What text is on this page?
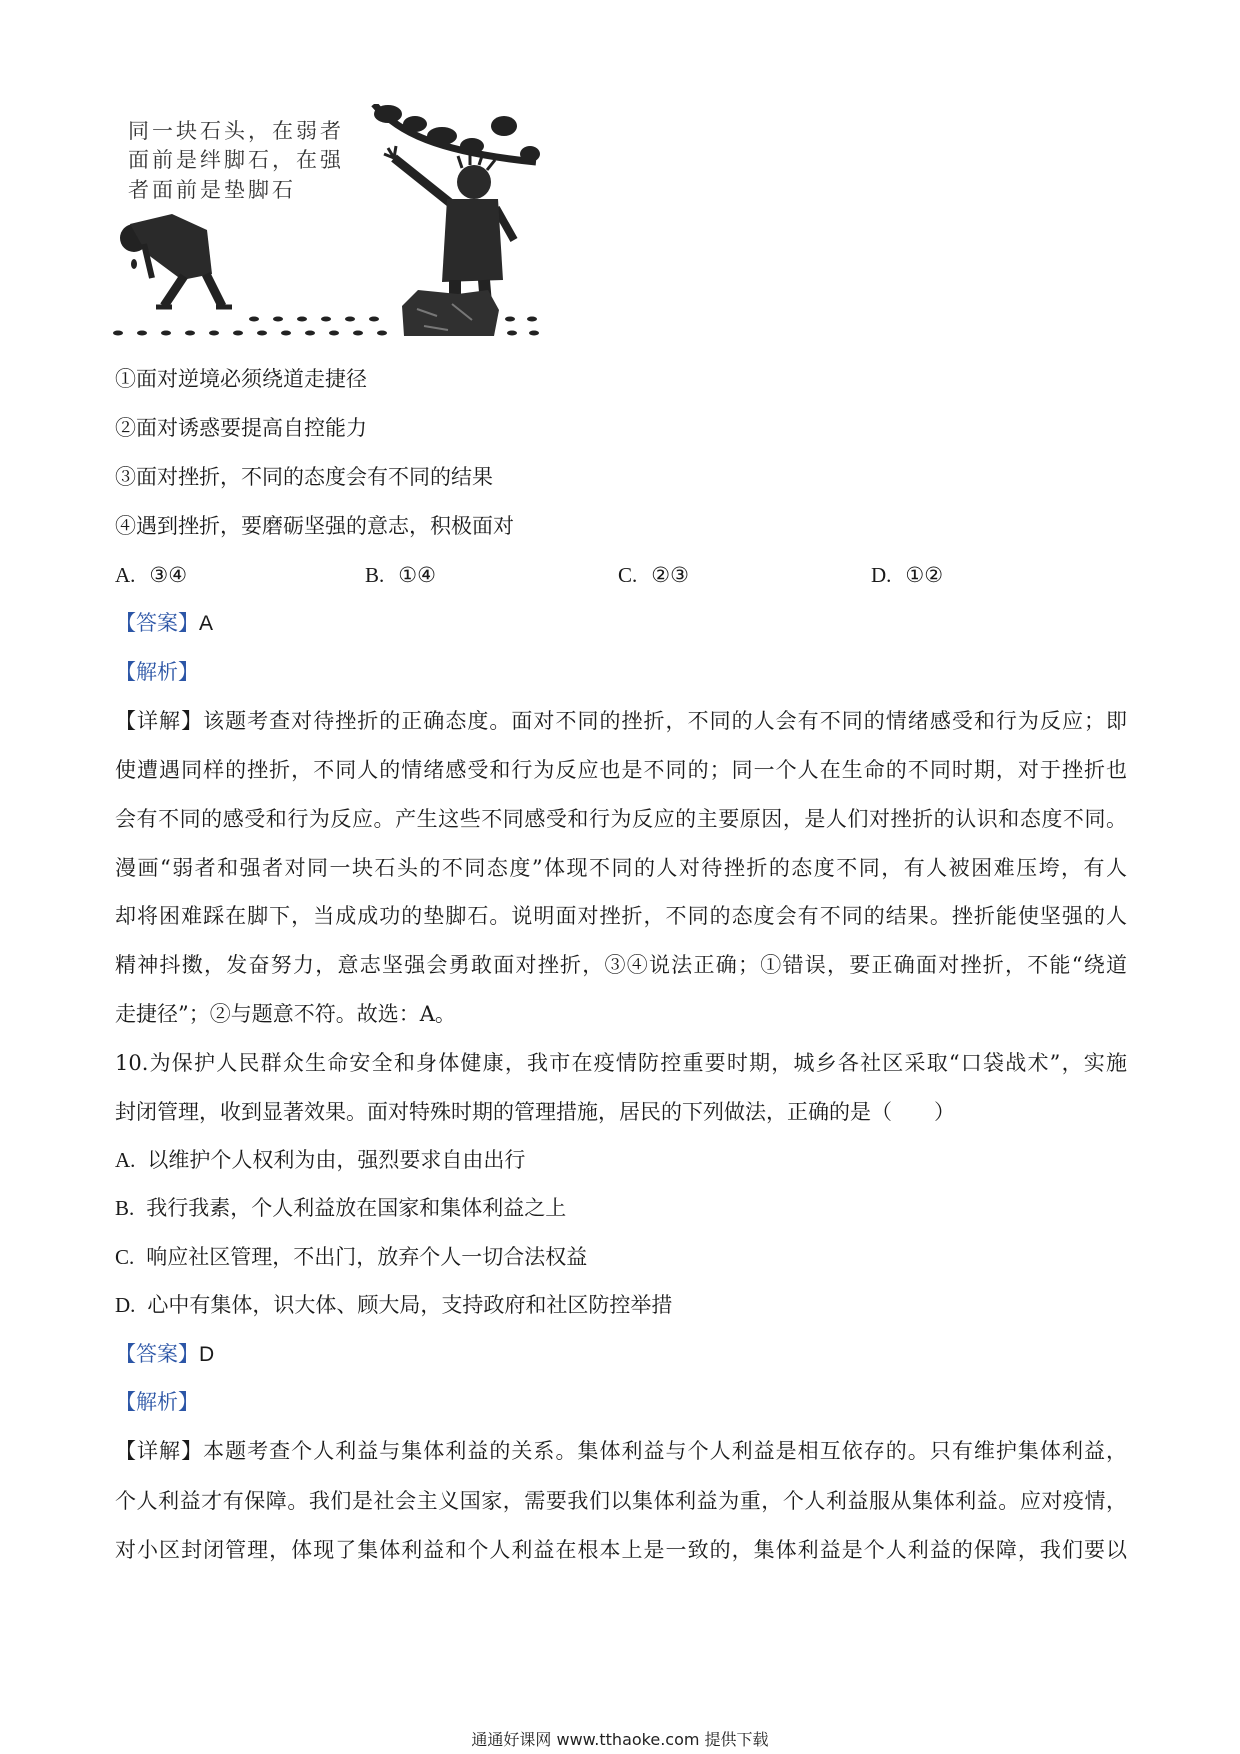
同一块石头，在弱者
面前是绊脚石，在强
者面前是垫脚石
①面对逆境必须绕道走捷径
②面对诱惑要提高自控能力
③面对挫折，不同的态度会有不同的结果
④遇到挫折，要磨砺坚强的意志，积极面对
A. ③④	B. ①④	C. ②③	D. ①②
【答案】A
【解析】
【详解】该题考查对待挫折的正确态度。面对不同的挫折，不同的人会有不同的情绪感受和行为反应；即
使遭遇同样的挫折，不同人的情绪感受和行为反应也是不同的；同一个人在生命的不同时期，对于挫折也
会有不同的感受和行为反应。产生这些不同感受和行为反应的主要原因，是人们对挫折的认识和态度不同。
漫画“弱者和强者对同一块石头的不同态度”体现不同的人对待挫折的态度不同，有人被困难压垮，有人
却将困难踩在脚下，当成成功的垫脚石。说明面对挫折，不同的态度会有不同的结果。挫折能使坚强的人
精神抖擞，发奋努力，意志坚强会勇敢面对挫折，③④说法正确；①错误，要正确面对挫折，不能“绕道
走捷径”；②与题意不符。故选：A。
10.为保护人民群众生命安全和身体健康，我市在疫情防控重要时期，城乡各社区采取“口袋战术”，实施
封闭管理，收到显著效果。面对特殊时期的管理措施，居民的下列做法，正确的是（　　）
A. 以维护个人权利为由，强烈要求自由出行
B. 我行我素，个人利益放在国家和集体利益之上
C. 响应社区管理，不出门，放弃个人一切合法权益
D. 心中有集体，识大体、顾大局，支持政府和社区防控举措
【答案】D
【解析】
【详解】本题考查个人利益与集体利益的关系。集体利益与个人利益是相互依存的。只有维护集体利益，
个人利益才有保障。我们是社会主义国家，需要我们以集体利益为重，个人利益服从集体利益。应对疫情，
对小区封闭管理，体现了集体利益和个人利益在根本上是一致的，集体利益是个人利益的保障，我们要以
通通好课网 www.tthaoke.com 提供下载
